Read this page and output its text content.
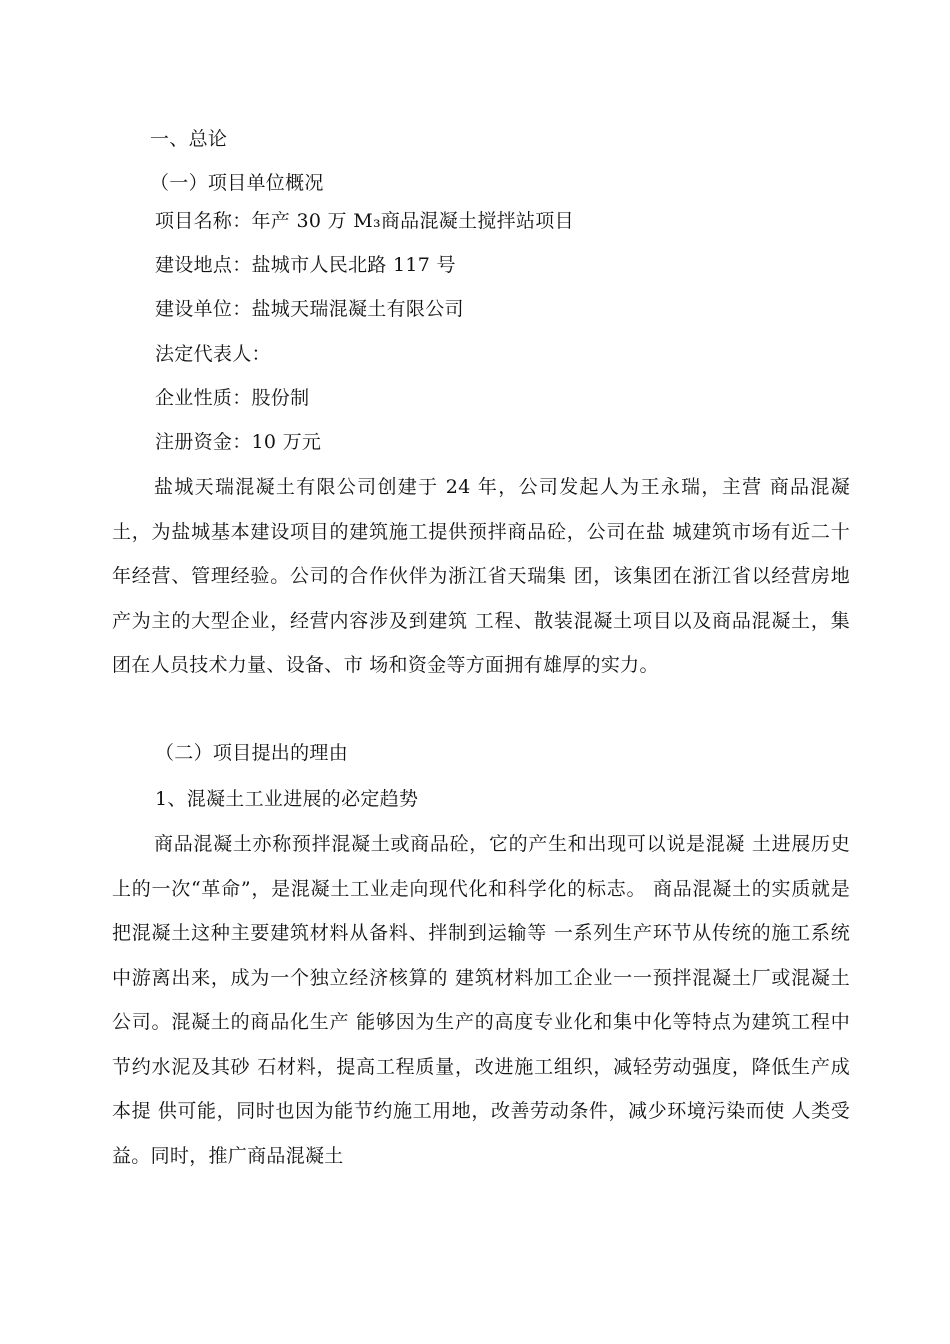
一、总论
（一）项目单位概况
项目名称：年产 30 万 M₃商品混凝土搅拌站项目
建设地点：盐城市人民北路 117 号
建设单位：盐城天瑞混凝土有限公司
法定代表人：
企业性质：股份制
注册资金：10 万元
盐城天瑞混凝土有限公司创建于 24 年，公司发起人为王永瑞，主营 商品混凝土，为盐城基本建设项目的建筑施工提供预拌商品砼，公司在盐 城建筑市场有近二十年经营、管理经验。公司的合作伙伴为浙江省天瑞集 团，该集团在浙江省以经营房地产为主的大型企业，经营内容涉及到建筑 工程、散装混凝土项目以及商品混凝土，集团在人员技术力量、设备、市 场和资金等方面拥有雄厚的实力。
（二）项目提出的理由
1、混凝土工业进展的必定趋势
商品混凝土亦称预拌混凝土或商品砼，它的产生和出现可以说是混凝 土进展历史上的一次“革命”，是混凝土工业走向现代化和科学化的标志。 商品混凝土的实质就是把混凝土这种主要建筑材料从备料、拌制到运输等 一系列生产环节从传统的施工系统中游离出来，成为一个独立经济核算的 建筑材料加工企业一一预拌混凝土厂或混凝土公司。混凝土的商品化生产 能够因为生产的高度专业化和集中化等特点为建筑工程中节约水泥及其砂 石材料，提高工程质量，改进施工组织，减轻劳动强度，降低生产成本提 供可能，同时也因为能节约施工用地，改善劳动条件，减少环境污染而使 人类受益。同时，推广商品混凝土
